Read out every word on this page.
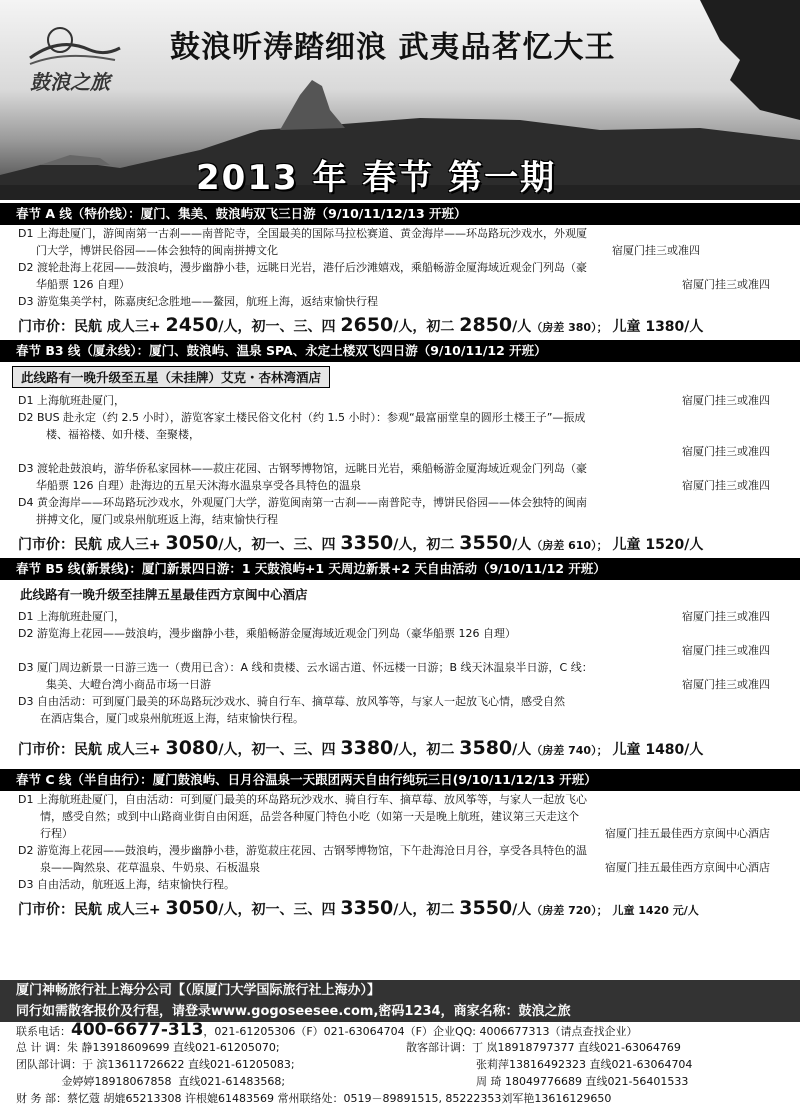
鼓浪之旅
鼓浪听涛踏细浪 武夷品茗忆大王
2013 年 春节 第一期
春节 A 线（特价线）：厦门、集美、鼓浪屿双飞三日游（9/10/11/12/13 开班）
D1 上海赴厦门，游闽南第一古刹——南普陀寺，全国最美的国际马拉松赛道、黄金海岸——环岛路玩沙戏水，外观厦
门大学，博饼民俗园——体会独特的闽南拼搏文化	宿厦门挂三或准四
D2 渡轮赴海上花园——鼓浪屿，漫步幽静小巷，远眺日光岩，港仔后沙滩嬉戏，乘船畅游金厦海域近观金门列岛（豪
华船票 126 自理）	宿厦门挂三或准四
D3 游览集美学村，陈嘉庚纪念胜地——鳌园，航班上海，返结束愉快行程
门市价：民航 成人三+ 2450/人，初一、三、四 2650/人，初二 2850/人（房差 380）； 儿童 1380/人
春节 B3 线（厦永线）：厦门、鼓浪屿、温泉 SPA、永定土楼双飞四日游（9/10/11/12 开班）
此线路有一晚升级至五星（未挂牌）艾克・杏林湾酒店
D1 上海航班赴厦门，	宿厦门挂三或准四
D2 BUS 赴永定（约 2.5 小时），游览客家土楼民俗文化村（约 1.5 小时）：参观“最富丽堂皇的圆形土楼王子”—振成
楼、福裕楼、如升楼、奎聚楼，
宿厦门挂三或准四
D3 渡轮赴鼓浪屿，游华侨私家园林——菽庄花园、古钢琴博物馆，远眺日光岩，乘船畅游金厦海域近观金门列岛（豪
华船票 126 自理）赴海边的五星天沐海水温泉享受各具特色的温泉	宿厦门挂三或准四
D4 黄金海岸——环岛路玩沙戏水，外观厦门大学，游览闽南第一古刹——南普陀寺，博饼民俗园——体会独特的闽南
拼搏文化，厦门或泉州航班返上海，结束愉快行程
门市价：民航 成人三+ 3050/人，初一、三、四 3350/人，初二 3550/人（房差 610）； 儿童 1520/人
春节 B5 线(新景线)：厦门新景四日游：1 天鼓浪屿+1 天周边新景+2 天自由活动（9/10/11/12 开班）
此线路有一晚升级至挂牌五星最佳西方京闽中心酒店
D1 上海航班赴厦门，	宿厦门挂三或准四
D2 游览海上花园——鼓浪屿，漫步幽静小巷，乘船畅游金厦海域近观金门列岛（豪华船票 126 自理）
宿厦门挂三或准四
D3 厦门周边新景一日游三选一（费用已含）：A 线和贵楼、云水谣古道、怀远楼一日游；B 线天沐温泉半日游，C 线：
集美、大嶝台湾小商品市场一日游	宿厦门挂三或准四
D3 自由活动：可到厦门最美的环岛路玩沙戏水、骑自行车、摘草莓、放风筝等，与家人一起放飞心情，感受自然
在酒店集合，厦门或泉州航班返上海，结束愉快行程。
门市价：民航 成人三+ 3080/人，初一、三、四 3380/人，初二 3580/人（房差 740）； 儿童 1480/人
春节 C 线（半自由行）：厦门鼓浪屿、日月谷温泉一天跟团两天自由行纯玩三日(9/10/11/12/13 开班）
D1 上海航班赴厦门，自由活动：可到厦门最美的环岛路玩沙戏水、骑自行车、摘草莓、放风筝等，与家人一起放飞心
情，感受自然；或到中山路商业街自由闲逛，品尝各种厦门特色小吃（如第一天是晚上航班，建议第三天走这个
行程）	宿厦门挂五最佳西方京闽中心酒店
D2 游览海上花园——鼓浪屿，漫步幽静小巷，游览菽庄花园、古钢琴博物馆，下午赴海沧日月谷，享受各具特色的温
泉——陶然泉、花草温泉、牛奶泉、石板温泉	宿厦门挂五最佳西方京闽中心酒店
D3 自由活动，航班返上海，结束愉快行程。
门市价：民航 成人三+ 3050/人，初一、三、四 3350/人，初二 3550/人（房差 720）； 儿童 1420 元/人
厦门神畅旅行社上海分公司【（原厦门大学国际旅行社上海办）】
同行如需散客报价及行程，请登录www.gogoseesee.com,密码1234，商家名称：鼓浪之旅
联系电话：400-6677-313，021-61205306（F）021-63064704（F）企业QQ: 4006677313（请点查找企业）
总 计 调：朱 静13918609699 直线021-61205070;	散客部计调：丁 岚18918797377 直线021-63064769
团队部计调：于 滨13611726622 直线021-61205083;	张莉萍13816492323 直线021-63064704
金婷婷18918067858  直线021-61483568;	周 琦 18049776689 直线021-56401533
财 务 部：蔡忆蔻 胡媲65213308 许根媲61483569 常州联络处：0519－89891515, 85222353刘军艳13616129650
